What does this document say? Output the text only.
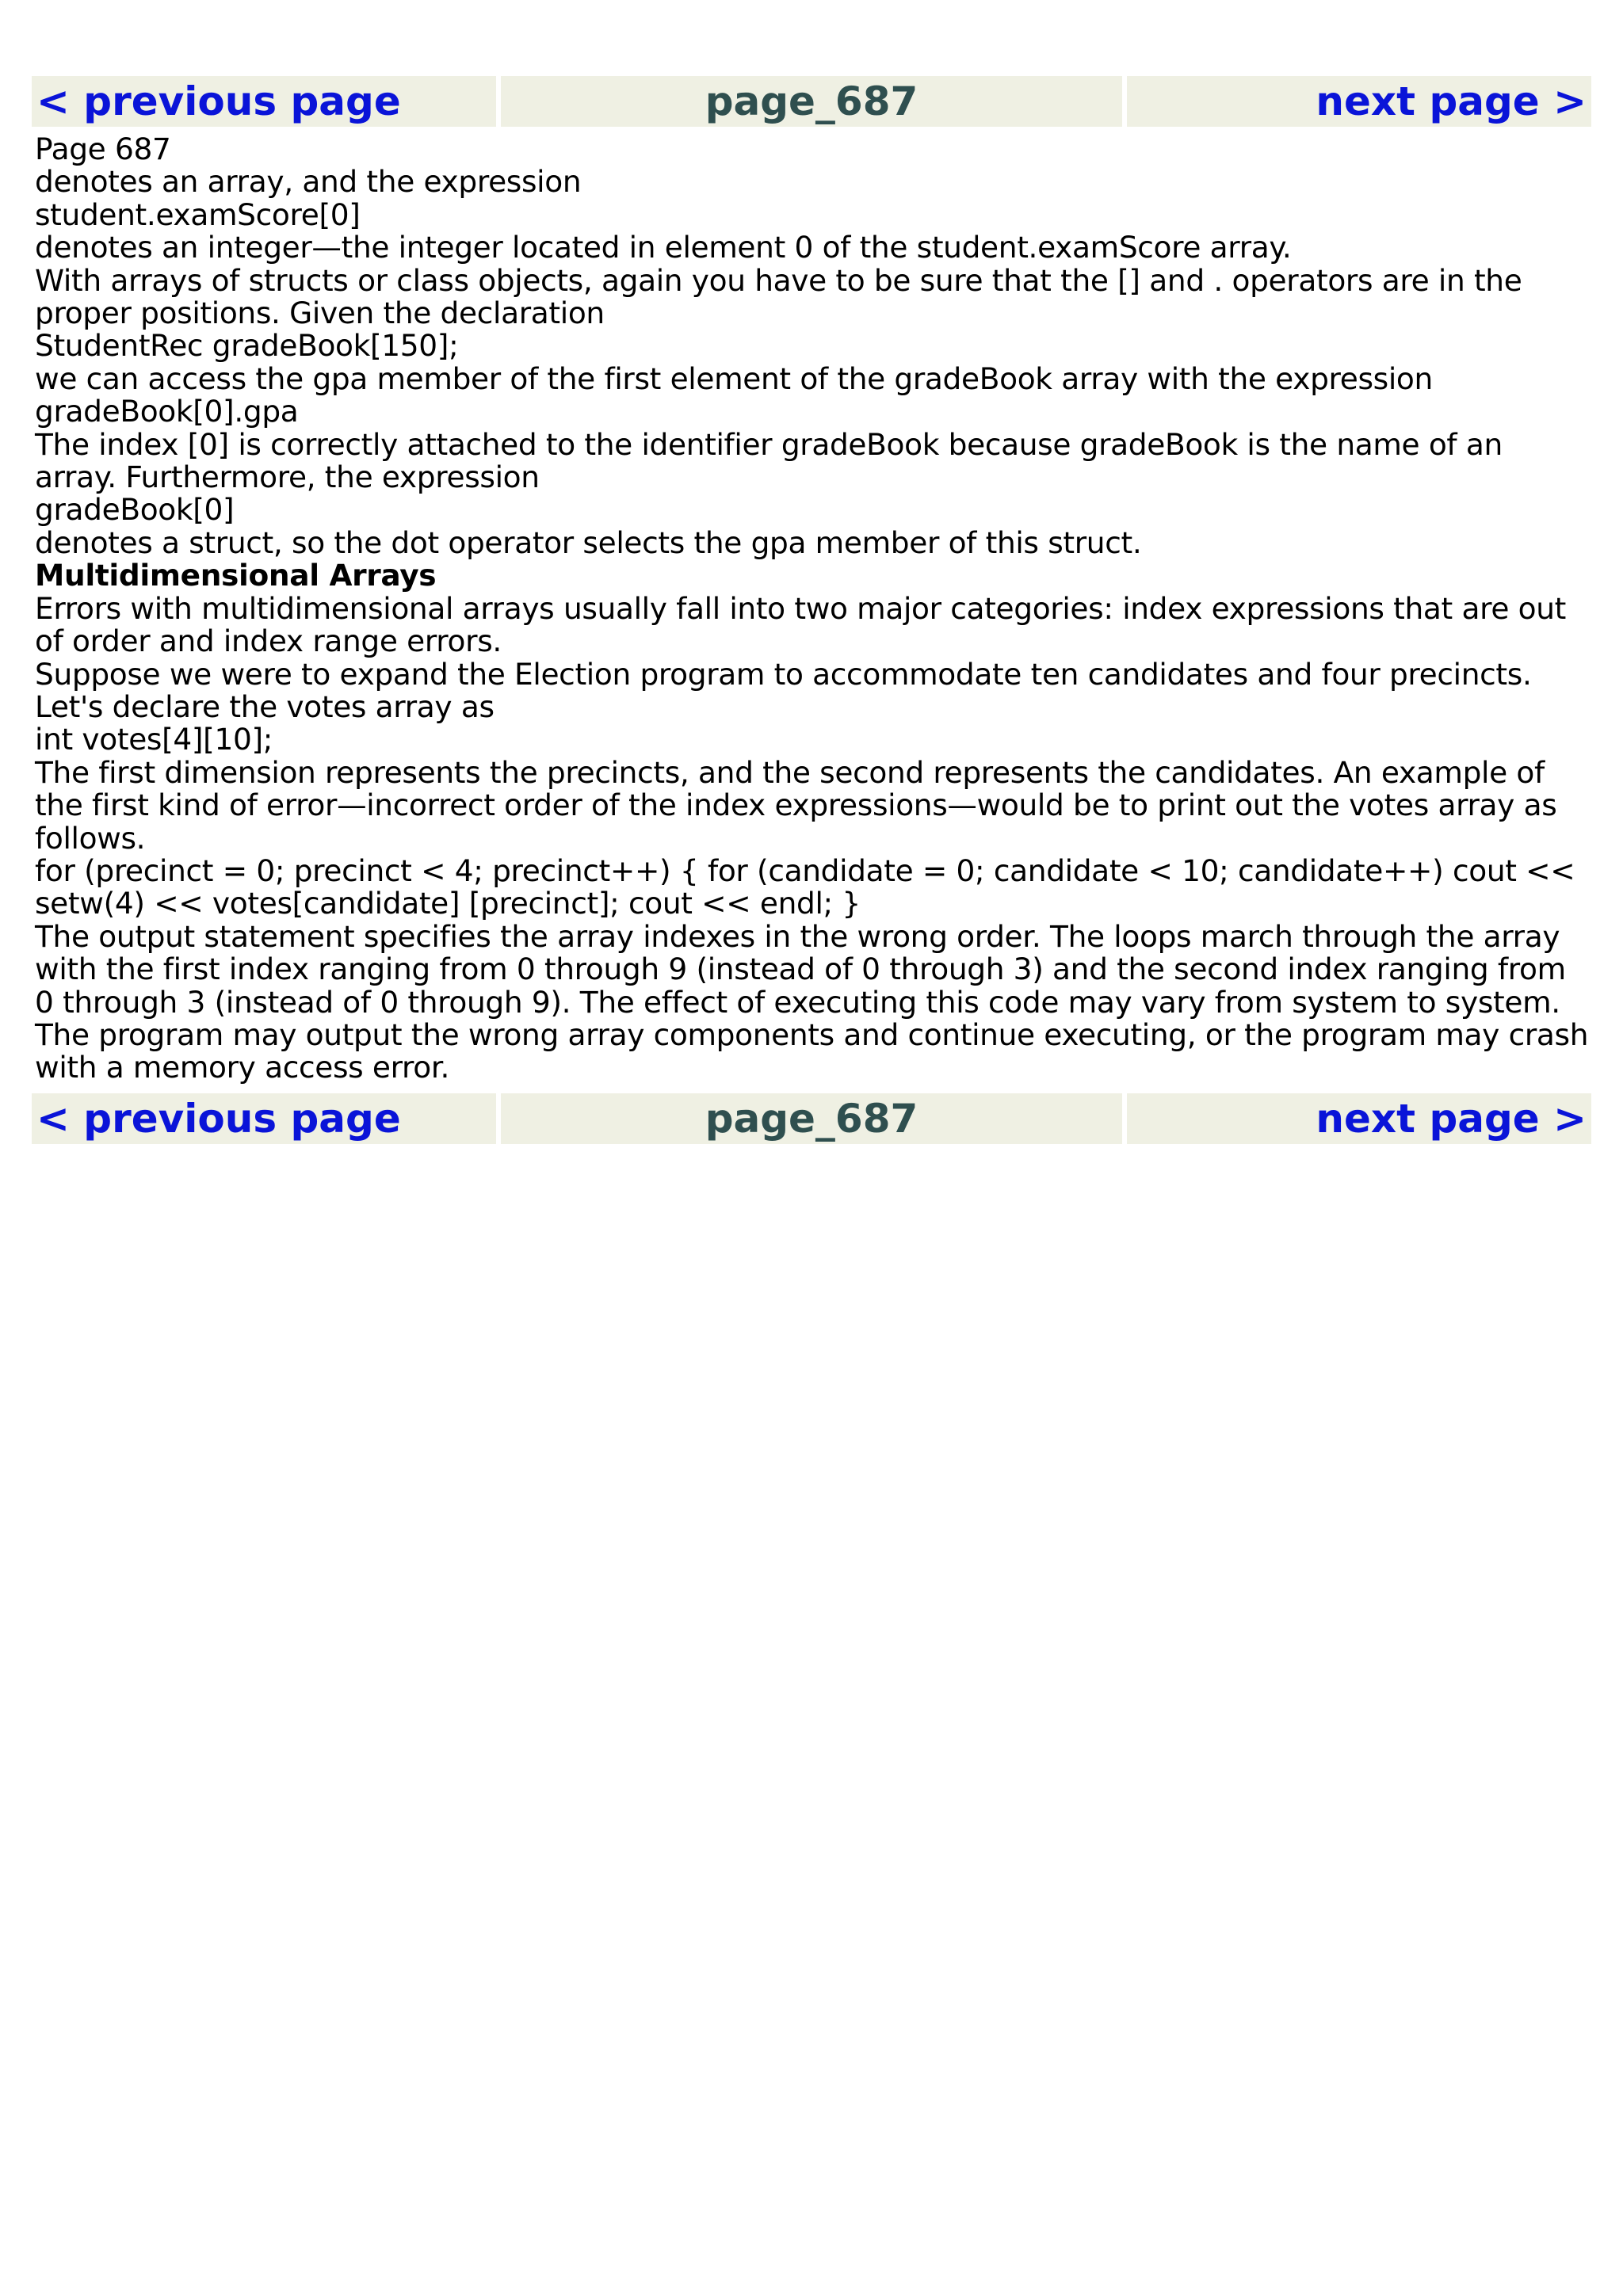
< previous page	page_687	next page >

Page 687

denotes an array, and the expression

student.examScore[0]

denotes an integer—the integer located in element 0 of the student.examScore array.

With arrays of structs or class objects, again you have to be sure that the [] and . operators are in the proper positions. Given the declaration

StudentRec gradeBook[150];

we can access the gpa member of the first element of the gradeBook array with the expression

gradeBook[0].gpa

The index [0] is correctly attached to the identifier gradeBook because gradeBook is the name of an array. Furthermore, the expression

gradeBook[0]

denotes a struct, so the dot operator selects the gpa member of this struct.

Multidimensional Arrays

Errors with multidimensional arrays usually fall into two major categories: index expressions that are out of order and index range errors.

Suppose we were to expand the Election program to accommodate ten candidates and four precincts. Let's declare the votes array as

int votes[4][10];

The first dimension represents the precincts, and the second represents the candidates. An example of the first kind of error—incorrect order of the index expressions—would be to print out the votes array as follows.

for (precinct = 0; precinct < 4; precinct++) { for (candidate = 0; candidate < 10; candidate++) cout << setw(4) << votes[candidate] [precinct]; cout << endl; }

The output statement specifies the array indexes in the wrong order. The loops march through the array with the first index ranging from 0 through 9 (instead of 0 through 3) and the second index ranging from 0 through 3 (instead of 0 through 9). The effect of executing this code may vary from system to system. The program may output the wrong array components and continue executing, or the program may crash with a memory access error.

< previous page	page_687	next page >
